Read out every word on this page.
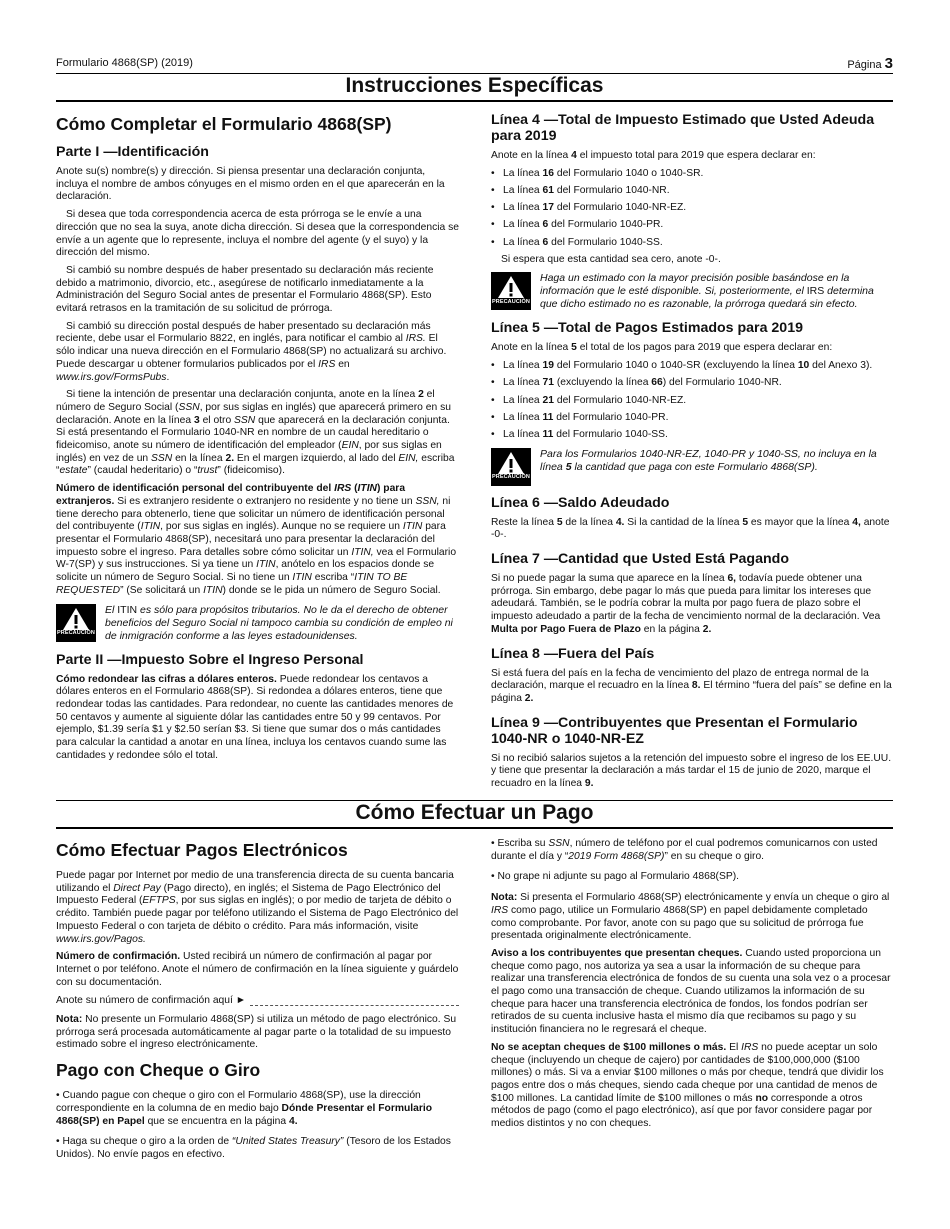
Formulario 4868(SP) (2019)	Página 3
Instrucciones Específicas
Cómo Completar el Formulario 4868(SP)
Parte I —Identificación

Anote su(s) nombre(s) y dirección. Si piensa presentar una declaración conjunta, incluya el nombre de ambos cónyuges en el mismo orden en el que aparecerán en la declaración.

Si desea que toda correspondencia acerca de esta prórroga se le envíe a una dirección que no sea la suya, anote dicha dirección. Si desea que la correspondencia se envíe a un agente que lo represente, incluya el nombre del agente (y el suyo) y la dirección del mismo.

Si cambió su nombre después de haber presentado su declaración más reciente debido a matrimonio, divorcio, etc., asegúrese de notificarlo inmediatamente a la Administración del Seguro Social antes de presentar el Formulario 4868(SP). Esto evitará retrasos en la tramitación de su solicitud de prórroga.

Si cambió su dirección postal después de haber presentado su declaración más reciente, debe usar el Formulario 8822, en inglés, para notificar el cambio al IRS. El sólo indicar una nueva dirección en el Formulario 4868(SP) no actualizará su archivo. Puede descargar u obtener formularios publicados por el IRS en www.irs.gov/FormsPubs.

Si tiene la intención de presentar una declaración conjunta, anote en la línea 2 el número de Seguro Social (SSN, por sus siglas en inglés) que aparecerá primero en su declaración. Anote en la línea 3 el otro SSN que aparecerá en la declaración conjunta. Si está presentando el Formulario 1040-NR en nombre de un caudal hereditario o fideicomiso, anote su número de identificación del empleador (EIN, por sus siglas en inglés) en vez de un SSN en la línea 2. En el margen izquierdo, al lado del EIN, escriba “estate” (caudal hederitario) o “trust” (fideicomiso).

Número de identificación personal del contribuyente del IRS (ITIN) para extranjeros. Si es extranjero residente o extranjero no residente y no tiene un SSN, ni tiene derecho para obtenerlo, tiene que solicitar un número de identificación personal del contribuyente (ITIN, por sus siglas en inglés). Aunque no se requiere un ITIN para presentar el Formulario 4868(SP), necesitará uno para presentar la declaración del impuesto sobre el ingreso. Para detalles sobre cómo solicitar un ITIN, vea el Formulario W-7(SP) y sus instrucciones. Si ya tiene un ITIN, anótelo en los espacios donde se solicite un número de Seguro Social. Si no tiene un ITIN escriba “ITIN TO BE REQUESTED” (Se solicitará un ITIN) donde se le pida un número de Seguro Social.

PRECAUCIÓN
El ITIN es sólo para propósitos tributarios. No le da el derecho de obtener beneficios del Seguro Social ni tampoco cambia su condición de empleo ni de inmigración conforme a las leyes estadounidenses.
Parte II —Impuesto Sobre el Ingreso Personal

Cómo redondear las cifras a dólares enteros. Puede redondear los centavos a dólares enteros en el Formulario 4868(SP). Si redondea a dólares enteros, tiene que redondear todas las cantidades. Para redondear, no cuente las cantidades menores de 50 centavos y aumente al siguiente dólar las cantidades entre 50 y 99 centavos. Por ejemplo, $1.39 sería $1 y $2.50 serían $3. Si tiene que sumar dos o más cantidades para calcular la cantidad a anotar en una línea, incluya los centavos cuando sume las cantidades y redondee sólo el total.

Línea 4 —Total de Impuesto Estimado que Usted Adeuda para 2019

Anote en la línea 4 el impuesto total para 2019 que espera declarar en:

• La línea 16 del Formulario 1040 o 1040-SR.
• La línea 61 del Formulario 1040-NR.
• La línea 17 del Formulario 1040-NR-EZ.
• La línea 6 del Formulario 1040-PR.
• La línea 6 del Formulario 1040-SS.

Si espera que esta cantidad sea cero, anote -0-.

PRECAUCIÓN
Haga un estimado con la mayor precisión posible basándose en la información que le esté disponible. Si, posteriormente, el IRS determina que dicho estimado no es razonable, la prórroga quedará sin efecto.
Línea 5 —Total de Pagos Estimados para 2019

Anote en la línea 5 el total de los pagos para 2019 que espera declarar en:

• La línea 19 del Formulario 1040 o 1040-SR (excluyendo la línea 10 del Anexo 3).
• La línea 71 (excluyendo la línea 66) del Formulario 1040-NR.
• La línea 21 del Formulario 1040-NR-EZ.
• La línea 11 del Formulario 1040-PR.
• La línea 11 del Formulario 1040-SS.
PRECAUCIÓN
Para los Formularios 1040-NR-EZ, 1040-PR y 1040-SS, no incluya en la línea 5 la cantidad que paga con este Formulario 4868(SP).
Línea 6 —Saldo Adeudado

Reste la línea 5 de la línea 4. Si la cantidad de la línea 5 es mayor que la línea 4, anote -0-.

Línea 7 —Cantidad que Usted Está Pagando

Si no puede pagar la suma que aparece en la línea 6, todavía puede obtener una prórroga. Sin embargo, debe pagar lo más que pueda para limitar los intereses que adeudará. También, se le podría cobrar la multa por pago fuera de plazo sobre el impuesto adeudado a partir de la fecha de vencimiento normal de la declaración. Vea Multa por Pago Fuera de Plazo en la página 2.

Línea 8 —Fuera del País

Si está fuera del país en la fecha de vencimiento del plazo de entrega normal de la declaración, marque el recuadro en la línea 8. El término “fuera del país” se define en la página 2.

Línea 9 —Contribuyentes que Presentan el Formulario 1040-NR o 1040-NR-EZ

Si no recibió salarios sujetos a la retención del impuesto sobre el ingreso de los EE.UU. y tiene que presentar la declaración a más tardar el 15 de junio de 2020, marque el recuadro en la línea 9.

Cómo Efectuar un Pago
Cómo Efectuar Pagos Electrónicos

Puede pagar por Internet por medio de una transferencia directa de su cuenta bancaria utilizando el Direct Pay (Pago directo), en inglés; el Sistema de Pago Electrónico del Impuesto Federal (EFTPS, por sus siglas en inglés); o por medio de tarjeta de débito o crédito. También puede pagar por teléfono utilizando el Sistema de Pago Electrónico del Impuesto Federal o con tarjeta de débito o crédito. Para más información, visite www.irs.gov/Pagos.

Número de confirmación. Usted recibirá un número de confirmación al pagar por Internet o por teléfono. Anote el número de confirmación en la línea siguiente y guárdelo con su documentación.

Anote su número de confirmación aquí ►

Nota: No presente un Formulario 4868(SP) si utiliza un método de pago electrónico. Su prórroga será procesada automáticamente al pagar parte o la totalidad de su impuesto estimado sobre el ingreso electrónicamente.

Pago con Cheque o Giro

• Cuando pague con cheque o giro con el Formulario 4868(SP), use la dirección correspondiente en la columna de en medio bajo Dónde Presentar el Formulario 4868(SP) en Papel que se encuentra en la página 4.

• Haga su cheque o giro a la orden de “United States Treasury” (Tesoro de los Estados Unidos). No envíe pagos en efectivo.

• Escriba su SSN, número de teléfono por el cual podremos comunicarnos con usted durante el día y “2019 Form 4868(SP)” en su cheque o giro.

• No grape ni adjunte su pago al Formulario 4868(SP).

Nota: Si presenta el Formulario 4868(SP) electrónicamente y envía un cheque o giro al IRS como pago, utilice un Formulario 4868(SP) en papel debidamente completado como comprobante. Por favor, anote con su pago que su solicitud de prórroga fue presentada originalmente electrónicamente.

Aviso a los contribuyentes que presentan cheques. Cuando usted proporciona un cheque como pago, nos autoriza ya sea a usar la información de su cheque para realizar una transferencia electrónica de fondos de su cuenta una sola vez o a procesar el pago como una transacción de cheque. Cuando utilizamos la información de su cheque para hacer una transferencia electrónica de fondos, los fondos podrían ser retirados de su cuenta inclusive hasta el mismo día que recibamos su pago y su institución financiera no le regresará el cheque.

No se aceptan cheques de $100 millones o más. El IRS no puede aceptar un solo cheque (incluyendo un cheque de cajero) por cantidades de $100,000,000 ($100 millones) o más. Si va a enviar $100 millones o más por cheque, tendrá que dividir los pagos entre dos o más cheques, siendo cada cheque por una cantidad de menos de $100 millones. La cantidad límite de $100 millones o más no corresponde a otros métodos de pago (como el pago electrónico), así que por favor considere pagar por medios distintos y no con cheques.
